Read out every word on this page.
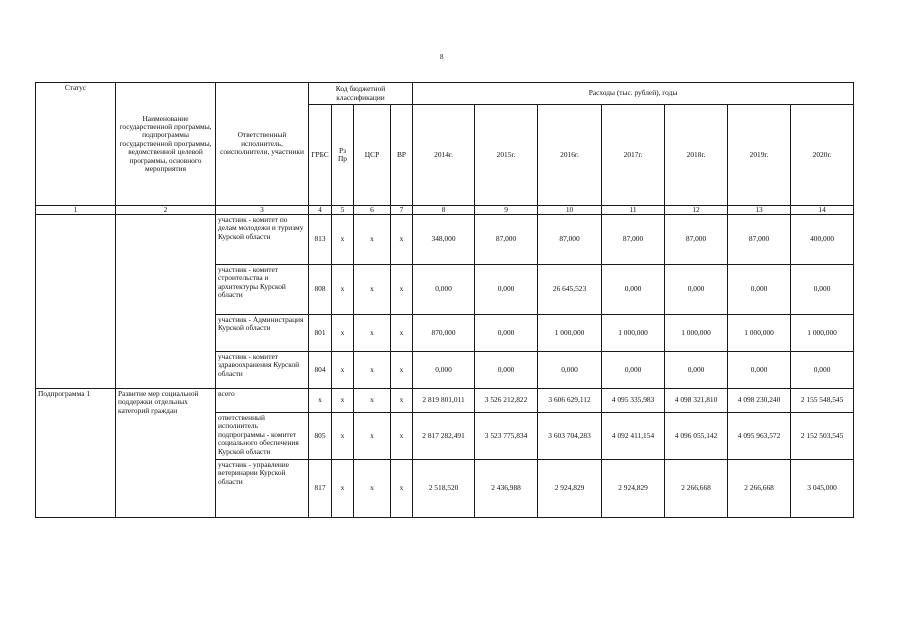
8
Статус	Наименование государственной программы, подпрограммы государственной программы, ведомственной целевой программы, основного мероприятия	Ответственный исполнитель, соисполнители, участники	Код бюджетной классификации				Расходы (тыс. рублей), годы						
			ГРБС	Рз Пр	ЦСР	ВР	2014г.	2015г.	2016г.	2017г.	2018г.	2019г.	2020г.
1	2	3	4	5	6	7	8	9	10	11	12	13	14
		участник - комитет по делам молодежи и туризму Курской области	813	х	х	х	348,000	87,000	87,000	87,000	87,000	87,000	400,000
		участник - комитет строительства и архитектуры Курской области	808	х	х	х	0,000	0,000	26 645,523	0,000	0,000	0,000	0,000
		участник - Администрация Курской области	801	х	х	х	870,000	0,000	1 000,000	1 000,000	1 000,000	1 000,000	1 000,000
		участник - комитет здравоохранения Курской области	804	х	х	х	0,000	0,000	0,000	0,000	0,000	0,000	0,000
Подпрограмма 1	Развитие мер социальной поддержки отдельных категорий граждан	всего	х	х	х	х	2 819 801,011	3 526 212,822	3 606 629,112	4 095 335,983	4 098 321,810	4 098 230,240	2 155 548,545
		ответственный исполнитель подпрограммы - комитет социального обеспечения Курской области	805	х	х	х	2 817 282,491	3 523 775,834	3 603 704,283	4 092 411,154	4 096 055,142	4 095 963,572	2 152 503,545
		участник - управление ветеринарии Курской области	817	х	х	х	2 518,520	2 436,988	2 924,829	2 924,829	2 266,668	2 266,668	3 045,000
